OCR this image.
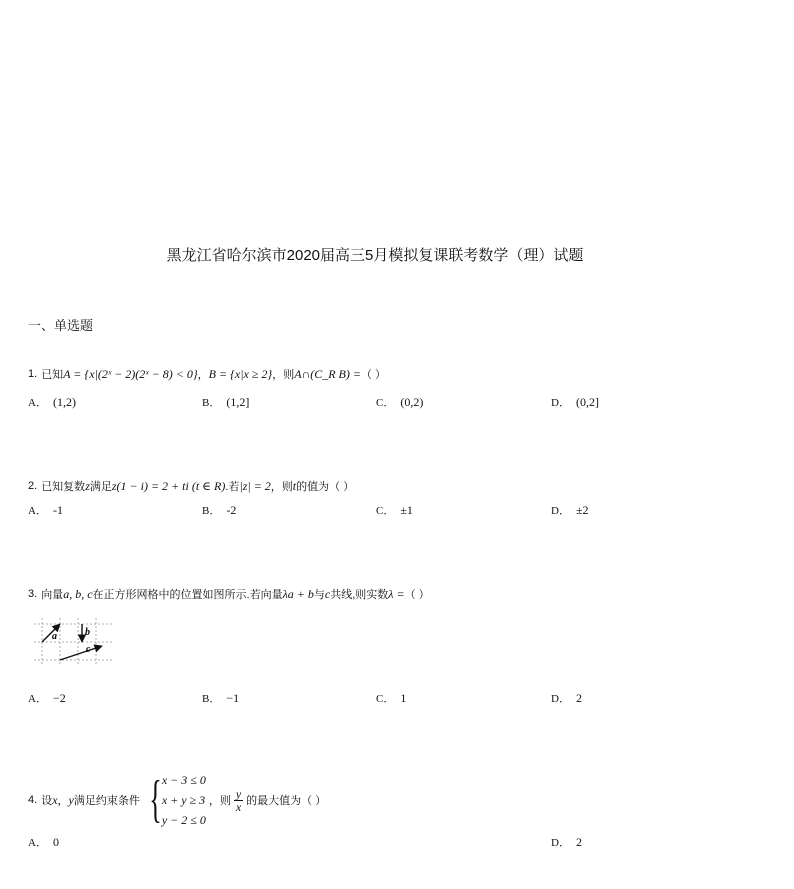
黑龙江省哈尔滨市2020届高三5月模拟复课联考数学（理）试题
一、单选题
1. 已知 A = {x|(2ˣ − 2)(2ˣ − 8) < 0} ， B = {x|x ≥ 2} ，则 A∩(C_R B) = （ ）
A． (1,2)	B． (1,2]	C． (0,2)	D． (0,2]
2. 已知复数 z 满足 z(1 − i) = 2 + ti (t ∈ R) .若 |z| = 2 ，则 t 的值为 （ ）
A． -1	B． -2	C． ±1	D． ±2
3. 向量 a, b, c 在正方形网格中的位置如图所示.若向量 λa + b 与 c 共线,则实数 λ = （ ）
a	b
c
A． −2	B． −1	C． 1	D． 2
4. 设 x ， y 满足约束条件 { x − 3 ≤ 0
x + y ≥ 3
y − 2 ≤ 0
，则 $\frac{y}{x}$ 的最大值为 （ ）
A． 0	D． 2
